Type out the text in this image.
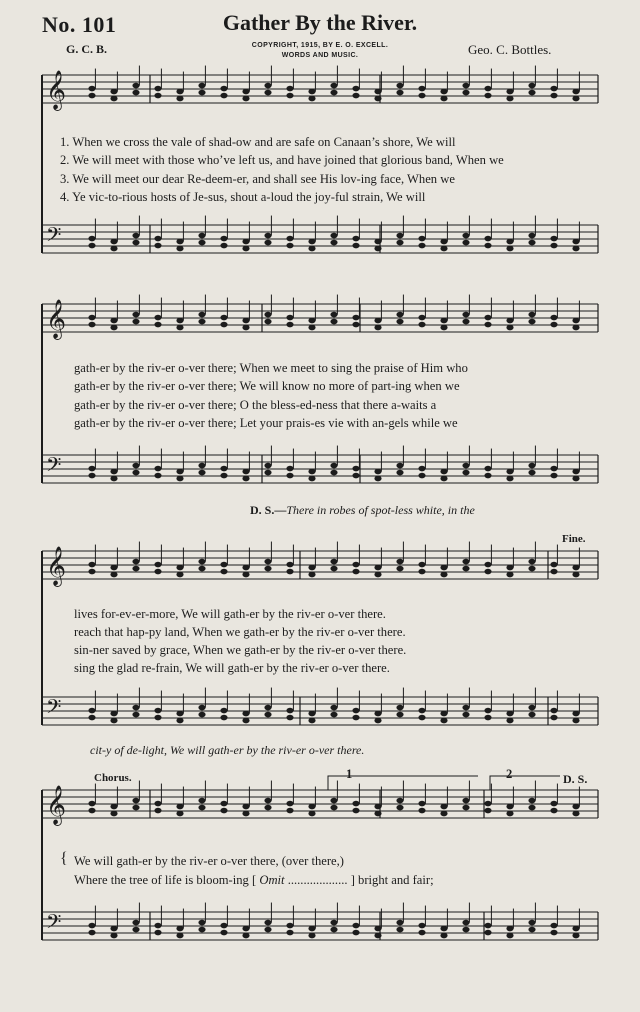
No. 101	Gather By the River.
G. C. B.	Geo. C. Bottles.
COPYRIGHT, 1915, BY E. O. EXCELL.
WORDS AND MUSIC.
𝄞
𝄢
𝄞
𝄢
𝄞
𝄢
𝄞
𝄢
1. When we cross the vale of shad-ow and are safe on Canaan’s shore, We will
2. We will meet with those who’ve left us, and have joined that glorious band, When we
3. We will meet our dear Re-deem-er, and shall see His lov-ing face, When we
4. Ye vic-to-rious hosts of Je-sus, shout a-loud the joy-ful strain, We will
gath-er by the riv-er o-ver there; When we meet to sing the praise of Him who
gath-er by the riv-er o-ver there; We will know no more of part-ing when we
gath-er by the riv-er o-ver there; O the bless-ed-ness that there a-waits a
gath-er by the riv-er o-ver there; Let your prais-es vie with an-gels while we
D. S.—There in robes of spot-less white, in the
Fine.
lives for-ev-er-more, We will gath-er by the riv-er o-ver there.
reach that hap-py land, When we gath-er by the riv-er o-ver there.
sin-ner saved by grace, When we gath-er by the riv-er o-ver there.
sing the glad re-frain, We will gath-er by the riv-er o-ver there.
cit-y of de-light, We will gath-er by the riv-er o-ver there.
Chorus.	D. S.
1	2
{ We will gath-er by the riv-er o-ver there, (over there,)
Where the tree of life is bloom-ing [ Omit ................... ] bright and fair;
